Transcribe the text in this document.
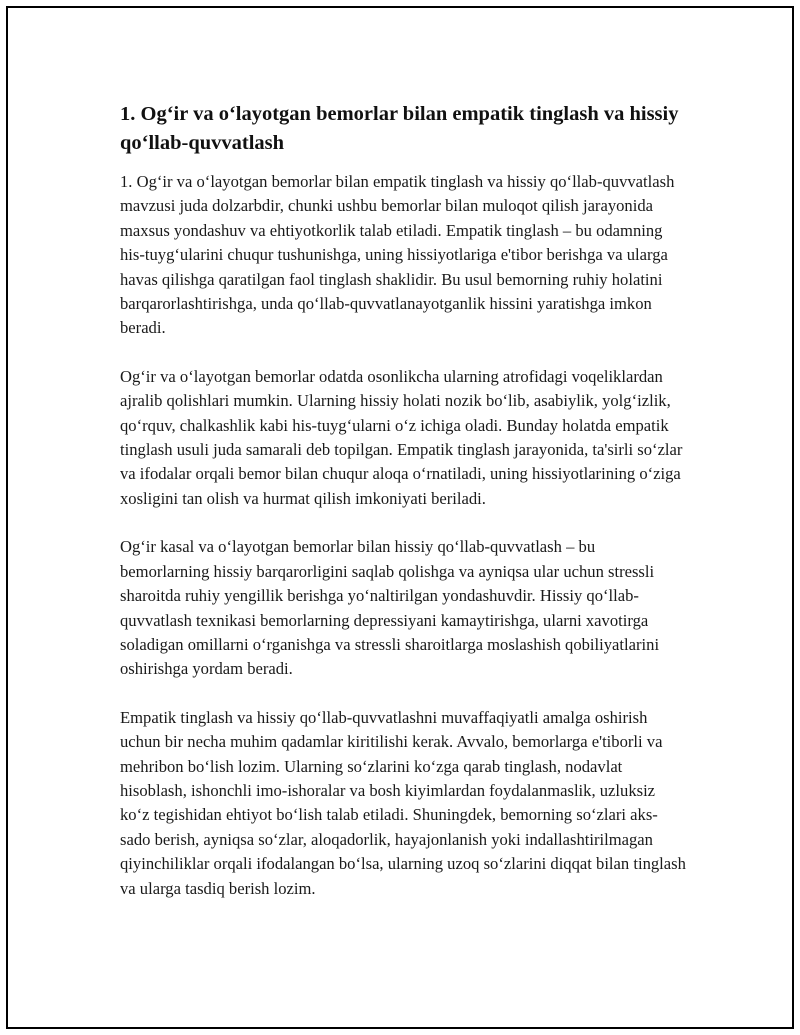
1. Og‘ir va o‘layotgan bemorlar bilan empatik tinglash va hissiy qo‘llab-quvvatlash

1. Og‘ir va o‘layotgan bemorlar bilan empatik tinglash va hissiy qo‘llab-quvvatlash mavzusi juda dolzarbdir, chunki ushbu bemorlar bilan muloqot qilish jarayonida maxsus yondashuv va ehtiyotkorlik talab etiladi. Empatik tinglash – bu odamning his-tuyg‘ularini chuqur tushunishga, uning hissiyotlariga e'tibor berishga va ularga havas qilishga qaratilgan faol tinglash shaklidir. Bu usul bemorning ruhiy holatini barqarorlashtirishga, unda qo‘llab-quvvatlanayotganlik hissini yaratishga imkon beradi.

Og‘ir va o‘layotgan bemorlar odatda osonlikcha ularning atrofidagi voqeliklardan ajralib qolishlari mumkin. Ularning hissiy holati nozik bo‘lib, asabiylik, yolg‘izlik, qo‘rquv, chalkashlik kabi his-tuyg‘ularni o‘z ichiga oladi. Bunday holatda empatik tinglash usuli juda samarali deb topilgan. Empatik tinglash jarayonida, ta'sirli so‘zlar va ifodalar orqali bemor bilan chuqur aloqa o‘rnatiladi, uning hissiyotlarining o‘ziga xosligini tan olish va hurmat qilish imkoniyati beriladi.

Og‘ir kasal va o‘layotgan bemorlar bilan hissiy qo‘llab-quvvatlash – bu bemorlarning hissiy barqarorligini saqlab qolishga va ayniqsa ular uchun stressli sharoitda ruhiy yengillik berishga yo‘naltirilgan yondashuvdir. Hissiy qo‘llab-quvvatlash texnikasi bemorlarning depressiyani kamaytirishga, ularni xavotirga soladigan omillarni o‘rganishga va stressli sharoitlarga moslashish qobiliyatlarini oshirishga yordam beradi.

Empatik tinglash va hissiy qo‘llab-quvvatlashni muvaffaqiyatli amalga oshirish uchun bir necha muhim qadamlar kiritilishi kerak. Avvalo, bemorlarga e'tiborli va mehribon bo‘lish lozim. Ularning so‘zlarini ko‘zga qarab tinglash, nodavlat hisoblash, ishonchli imo-ishoralar va bosh kiyimlardan foydalanmaslik, uzluksiz ko‘z tegishidan ehtiyot bo‘lish talab etiladi. Shuningdek, bemorning so‘zlari aks-sado berish, ayniqsa so‘zlar, aloqadorlik, hayajonlanish yoki indallashtirilmagan qiyinchiliklar orqali ifodalangan bo‘lsa, ularning uzoq so‘zlarini diqqat bilan tinglash va ularga tasdiq berish lozim.
